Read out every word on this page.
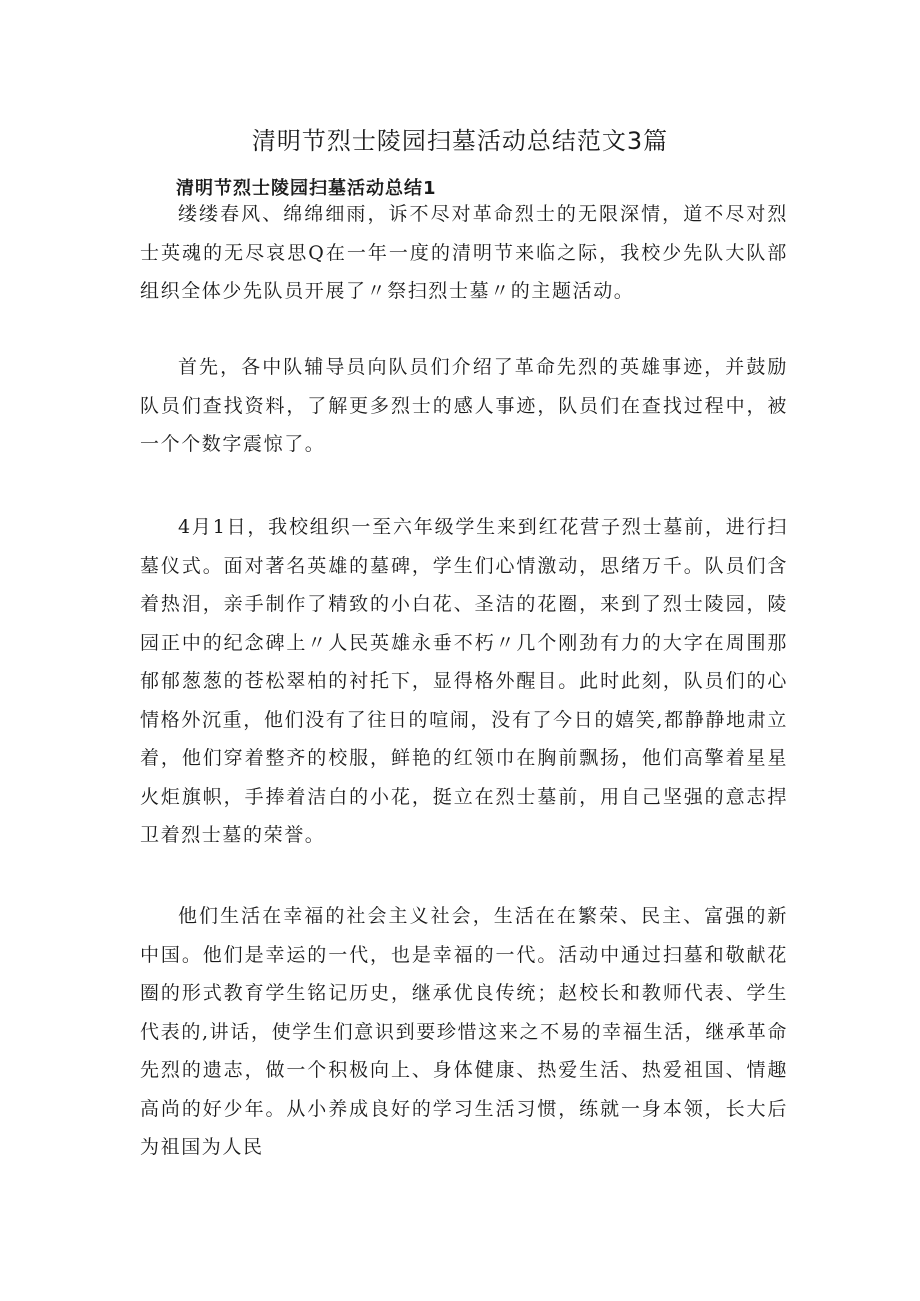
清明节烈士陵园扫墓活动总结范文3篇
清明节烈士陵园扫墓活动总结1

缕缕春风、绵绵细雨，诉不尽对革命烈士的无限深情，道不尽对烈士英魂的无尽哀思Q在一年一度的清明节来临之际，我校少先队大队部组织全体少先队员开展了〃祭扫烈士墓〃的主题活动。

首先，各中队辅导员向队员们介绍了革命先烈的英雄事迹，并鼓励队员们查找资料，了解更多烈士的感人事迹，队员们在查找过程中，被一个个数字震惊了。

4月1日，我校组织一至六年级学生来到红花营子烈士墓前，进行扫墓仪式。面对著名英雄的墓碑，学生们心情激动，思绪万千。队员们含着热泪，亲手制作了精致的小白花、圣洁的花圈，来到了烈士陵园，陵园正中的纪念碑上〃人民英雄永垂不朽〃几个刚劲有力的大字在周围那郁郁葱葱的苍松翠柏的衬托下，显得格外醒目。此时此刻，队员们的心情格外沉重，他们没有了往日的喧闹，没有了今日的嬉笑,都静静地肃立着，他们穿着整齐的校服，鲜艳的红领巾在胸前飘扬，他们高擎着星星火炬旗帜，手捧着洁白的小花，挺立在烈士墓前，用自己坚强的意志捍卫着烈士墓的荣誉。

他们生活在幸福的社会主义社会，生活在在繁荣、民主、富强的新中国。他们是幸运的一代，也是幸福的一代。活动中通过扫墓和敬献花圈的形式教育学生铭记历史，继承优良传统；赵校长和教师代表、学生代表的,讲话，使学生们意识到要珍惜这来之不易的幸福生活，继承革命先烈的遗志，做一个积极向上、身体健康、热爱生活、热爱祖国、情趣高尚的好少年。从小养成良好的学习生活习惯，练就一身本领，长大后为祖国为人民
